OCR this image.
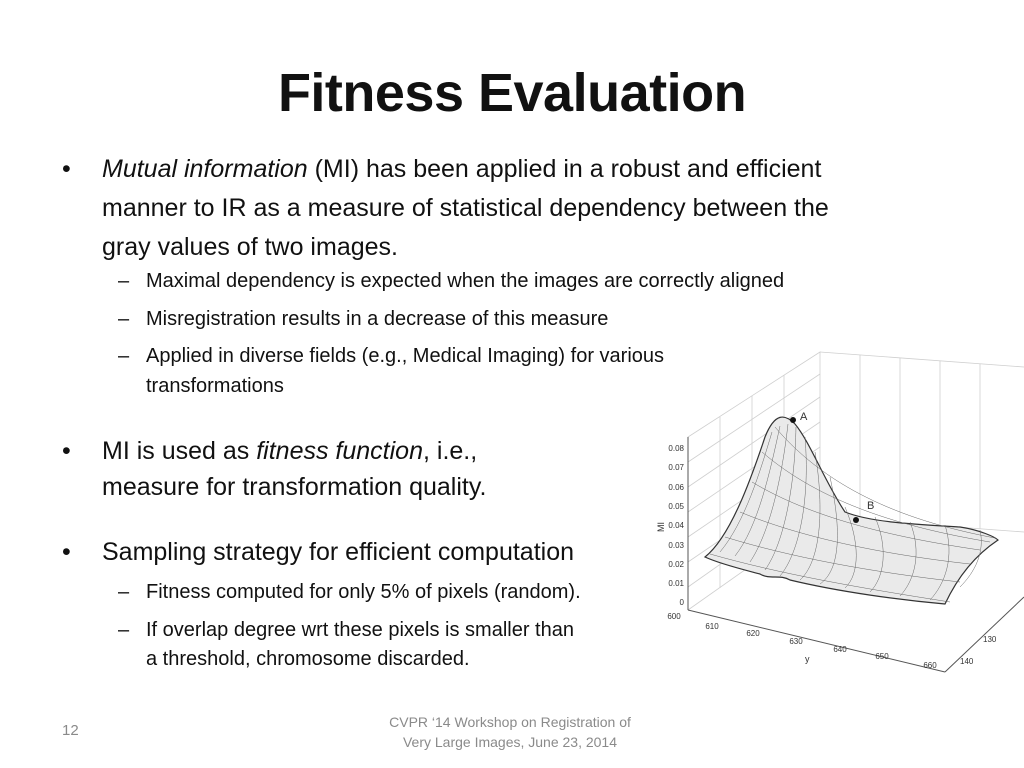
Fitness Evaluation
• Mutual information (MI) has been applied in a robust and efficient
manner to IR as a measure of statistical dependency between the
gray values of two images.
– Maximal dependency is expected when the images are correctly aligned
– Misregistration results in a decrease of this measure
– Applied in diverse fields (e.g., Medical Imaging) for various
transformations
• MI is used as fitness function, i.e.,
measure for transformation quality.
• Sampling strategy for efficient computation
– Fitness computed for only 5% of pixels (random).
– If overlap degree wrt these pixels is smaller than
a threshold, chromosome discarded.
A
B
0.08
0.07
0.06
0.05
0.04
0.03
0.02
0.01
0
MI
600
610
620
630
640
650
660
y
130
140
12	CVPR ‘14 Workshop on Registration of
Very Large Images, June 23, 2014
